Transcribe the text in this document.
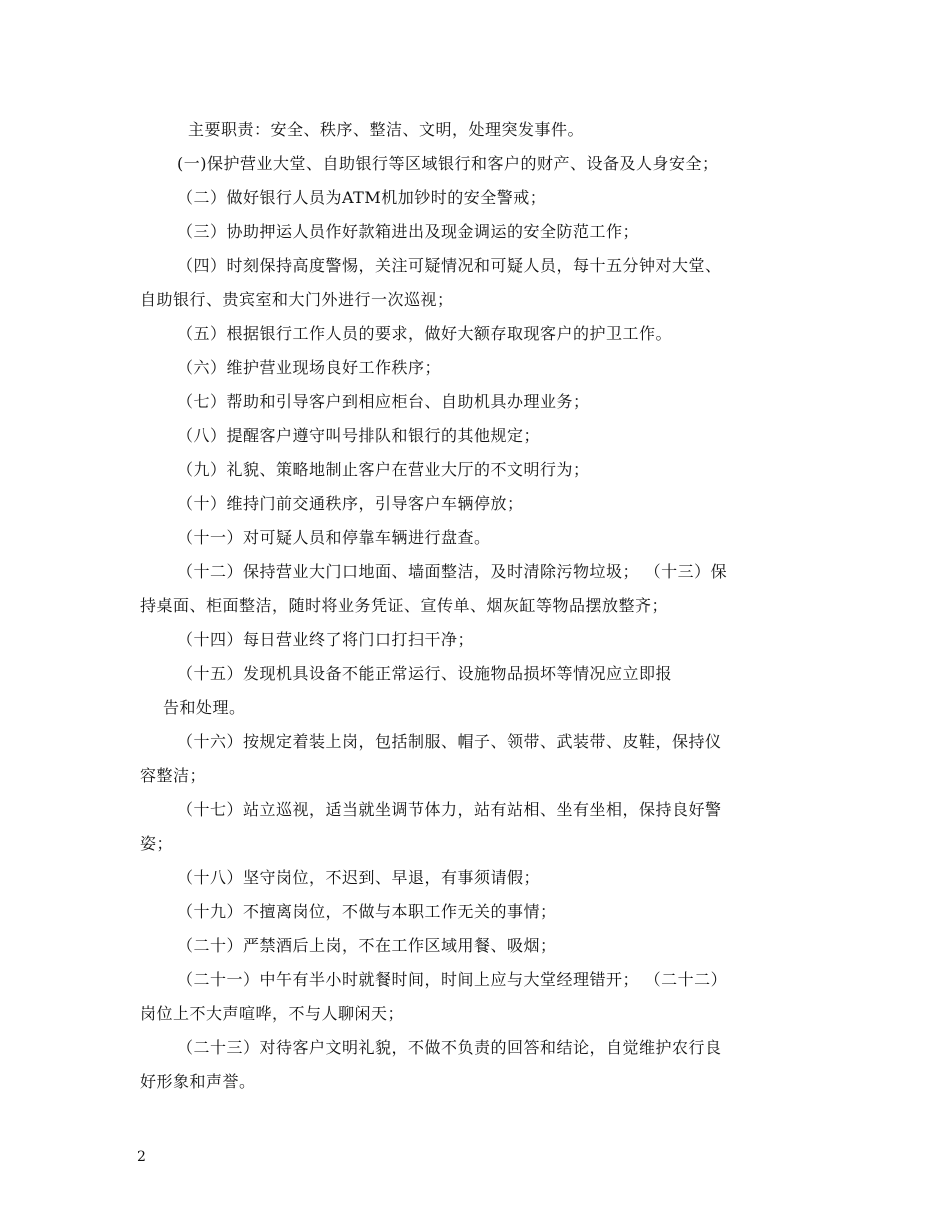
主要职责：安全、秩序、整洁、文明，处理突发事件。
(一)保护营业大堂、自助银行等区域银行和客户的财产、设备及人身安全；
（二）做好银行人员为ATM机加钞时的安全警戒；
（三）协助押运人员作好款箱进出及现金调运的安全防范工作；
（四）时刻保持高度警惕，关注可疑情况和可疑人员，每十五分钟对大堂、
自助银行、贵宾室和大门外进行一次巡视；
（五）根据银行工作人员的要求，做好大额存取现客户的护卫工作。
（六）维护营业现场良好工作秩序；
（七）帮助和引导客户到相应柜台、自助机具办理业务；
（八）提醒客户遵守叫号排队和银行的其他规定；
（九）礼貌、策略地制止客户在营业大厅的不文明行为；
（十）维持门前交通秩序，引导客户车辆停放；
（十一）对可疑人员和停靠车辆进行盘查。
（十二）保持营业大门口地面、墙面整洁，及时清除污物垃圾； （十三）保
持桌面、柜面整洁，随时将业务凭证、宣传单、烟灰缸等物品摆放整齐；
（十四）每日营业终了将门口打扫干净；
（十五）发现机具设备不能正常运行、设施物品损坏等情况应立即报
告和处理。
（十六）按规定着装上岗，包括制服、帽子、领带、武装带、皮鞋，保持仪
容整洁；
（十七）站立巡视，适当就坐调节体力，站有站相、坐有坐相，保持良好警
姿；
（十八）坚守岗位，不迟到、早退，有事须请假；
（十九）不擅离岗位，不做与本职工作无关的事情；
（二十）严禁酒后上岗，不在工作区域用餐、吸烟；
（二十一）中午有半小时就餐时间，时间上应与大堂经理错开； （二十二）
岗位上不大声喧哗，不与人聊闲天；
（二十三）对待客户文明礼貌，不做不负责的回答和结论，自觉维护农行良
好形象和声誉。
2
